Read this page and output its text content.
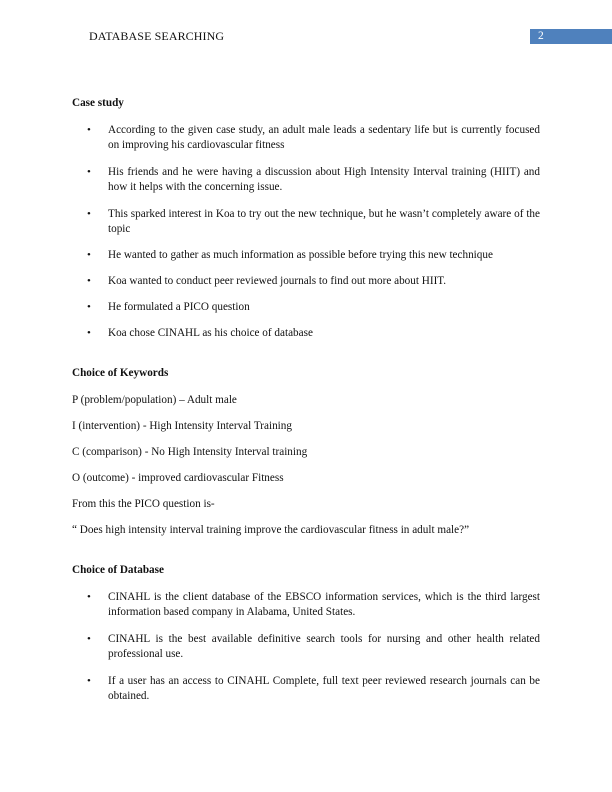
DATABASE SEARCHING	2
Case study
• According to the given case study, an adult male leads a sedentary life but is currently focused on improving his cardiovascular fitness
• His friends and he were having a discussion about High Intensity Interval training (HIIT) and how it helps with the concerning issue.
• This sparked interest in Koa to try out the new technique, but he wasn’t completely aware of the topic
• He wanted to gather as much information as possible before trying this new technique
• Koa wanted to conduct peer reviewed journals to find out more about HIIT.
• He formulated a PICO question
• Koa chose CINAHL as his choice of database
Choice of Keywords
P (problem/population) – Adult male
I (intervention) - High Intensity Interval Training
C (comparison) - No High Intensity Interval training
O (outcome) - improved cardiovascular Fitness
From this the PICO question is-
“ Does high intensity interval training improve the cardiovascular fitness in adult male?”
Choice of Database
• CINAHL is the client database of the EBSCO information services, which is the third largest information based company in Alabama, United States.
• CINAHL is the best available definitive search tools for nursing and other health related professional use.
• If a user has an access to CINAHL Complete, full text peer reviewed research journals can be obtained.
